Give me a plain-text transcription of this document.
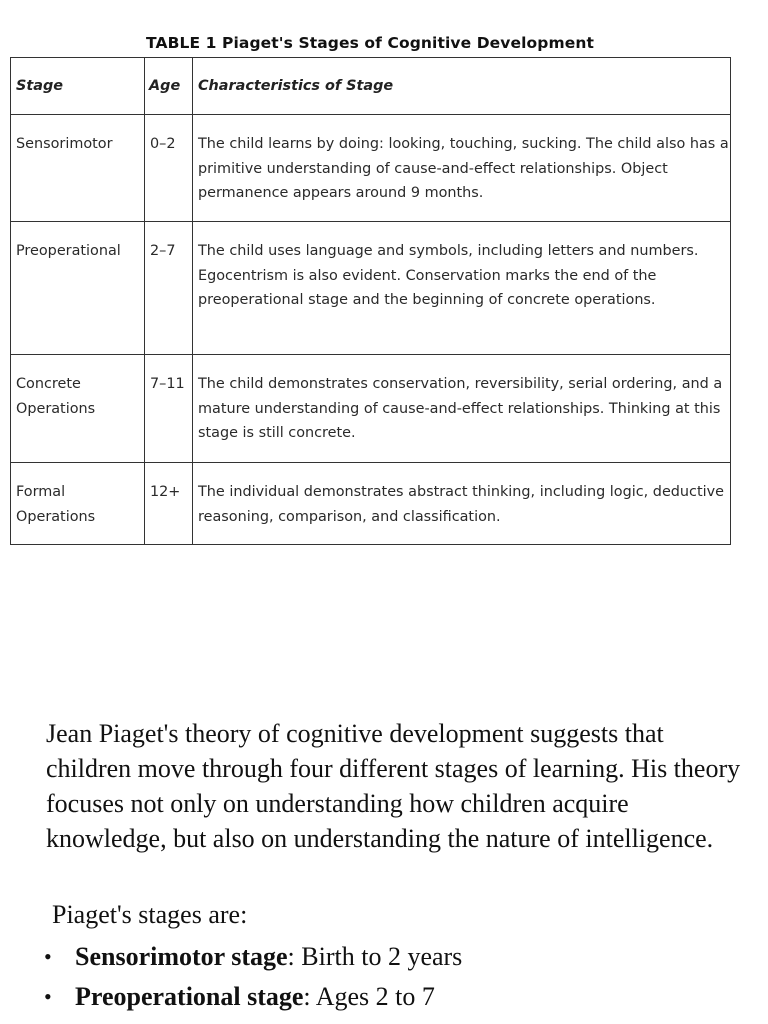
TABLE 1 Piaget's Stages of Cognitive Development
Stage	Age	Characteristics of Stage
Sensorimotor	0–2	The child learns by doing: looking, touching, sucking. The child also has a primitive understanding of cause-and-effect relationships. Object permanence appears around 9 months.
Preoperational	2–7	The child uses language and symbols, including letters and numbers. Egocentrism is also evident. Conservation marks the end of the preoperational stage and the beginning of concrete operations.
Concrete Operations	7–11	The child demonstrates conservation, reversibility, serial ordering, and a mature understanding of cause-and-effect relationships. Thinking at this stage is still concrete.
Formal Operations	12+	The individual demonstrates abstract thinking, including logic, deductive reasoning, comparison, and classification.
Jean Piaget's theory of cognitive development suggests that children move through four different stages of learning. His theory focuses not only on understanding how children acquire knowledge, but also on understanding the nature of intelligence.
Piaget's stages are:
• Sensorimotor stage: Birth to 2 years
• Preoperational stage: Ages 2 to 7
